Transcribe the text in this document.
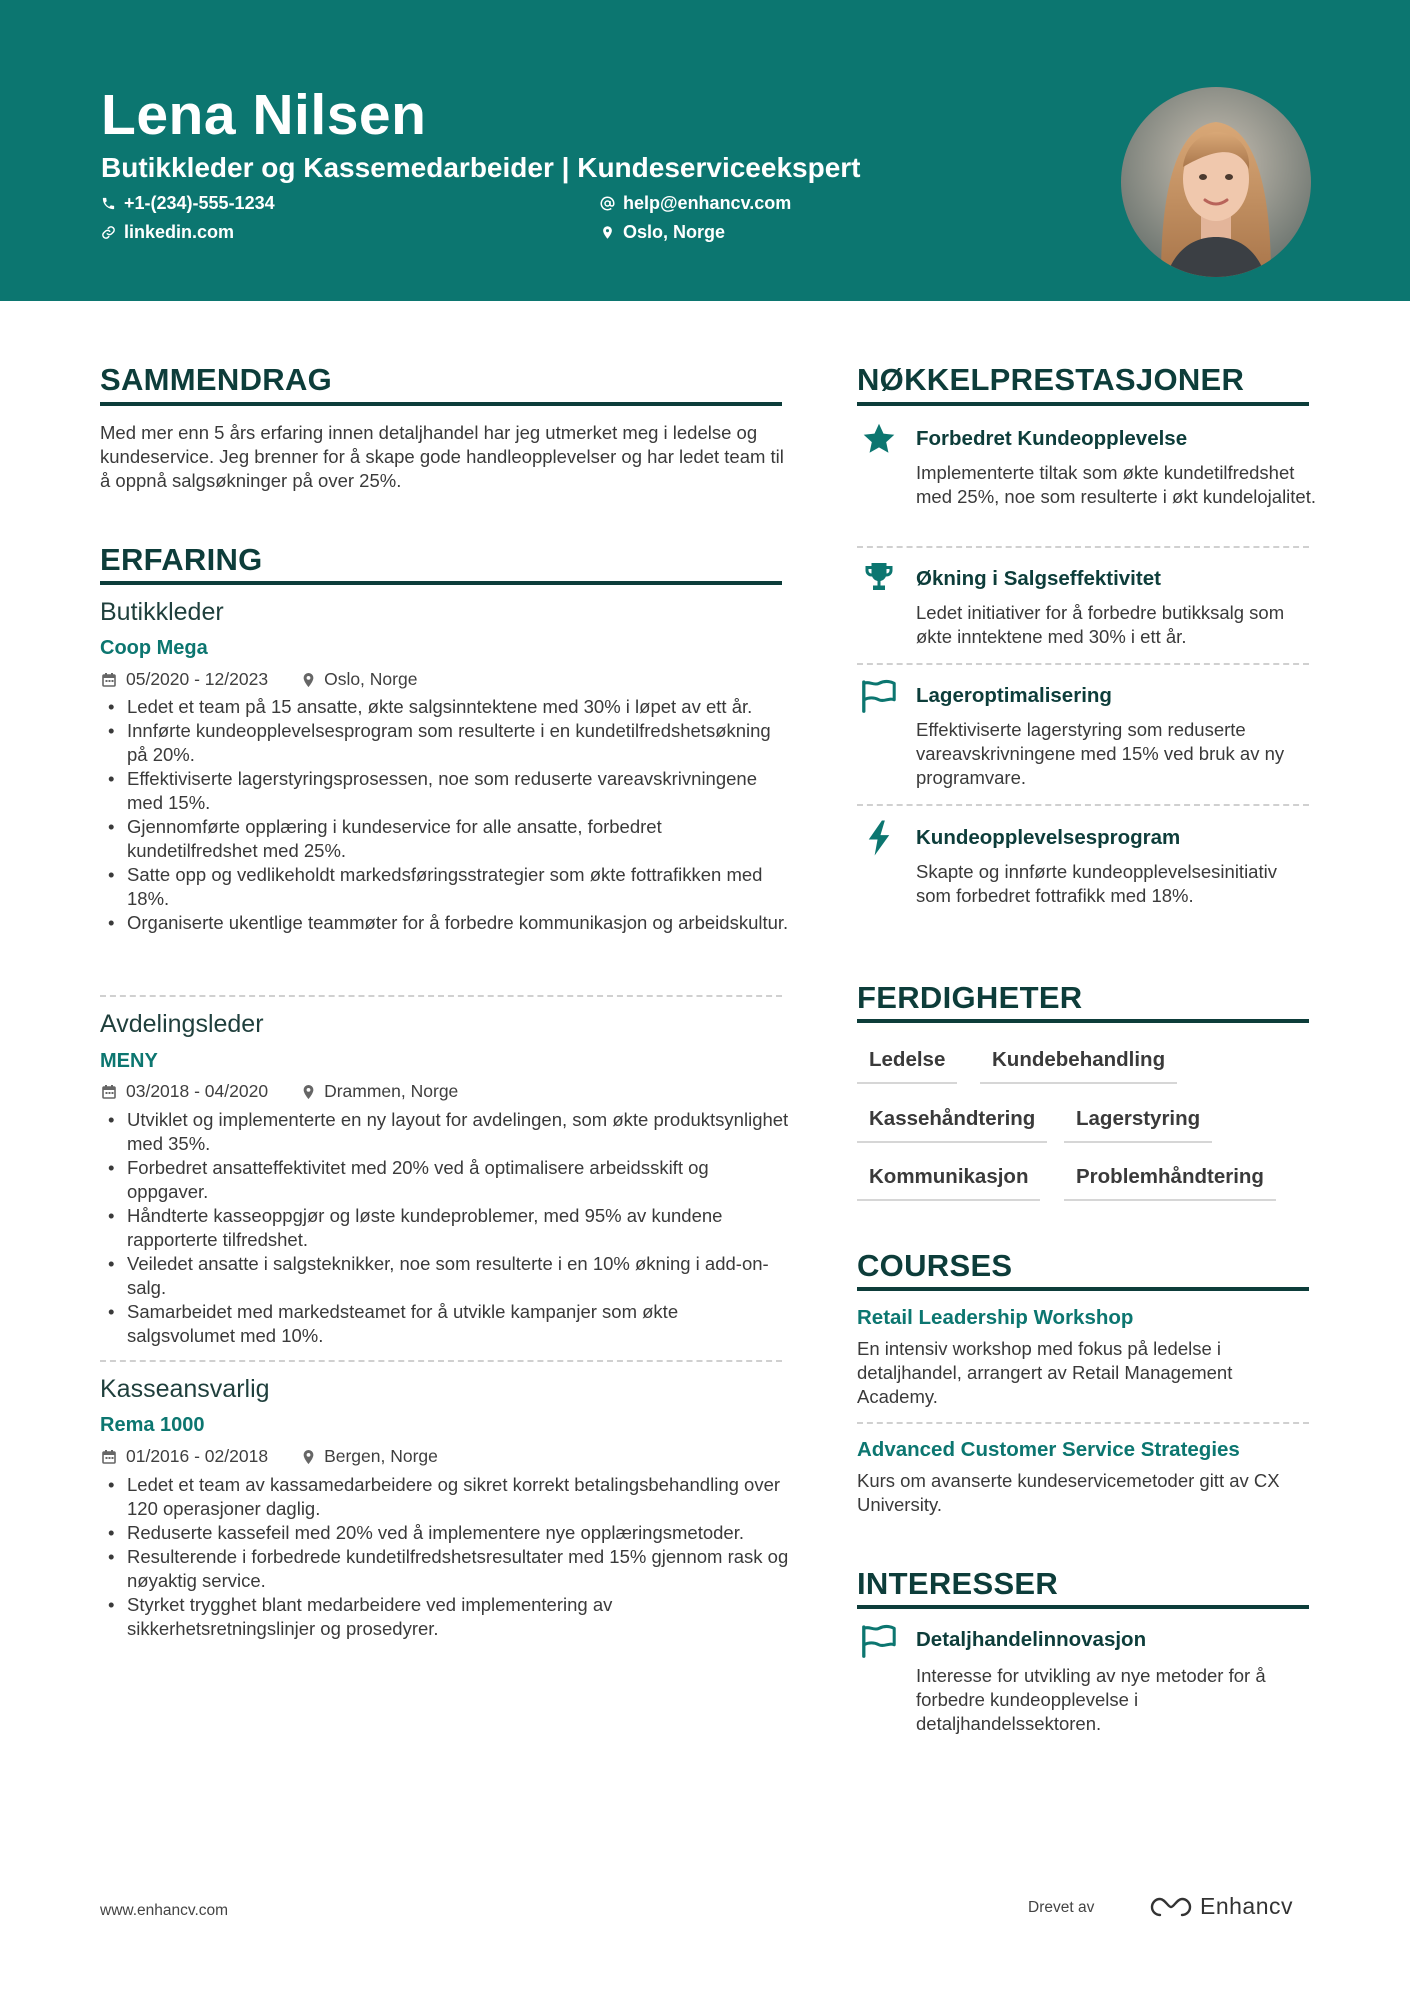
Lena Nilsen
Butikkleder og Kassemedarbeider | Kundeserviceekspert
+1-(234)-555-1234	help@enhancv.com
linkedin.com	Oslo, Norge
SAMMENDRAG
Med mer enn 5 års erfaring innen detaljhandel har jeg utmerket meg i ledelse og kundeservice. Jeg brenner for å skape gode handleopplevelser og har ledet team til å oppnå salgsøkninger på over 25%.
ERFARING
Butikkleder
Coop Mega
05/2020 - 12/2023	Oslo, Norge
• Ledet et team på 15 ansatte, økte salgsinntektene med 30% i løpet av ett år.
• Innførte kundeopplevelsesprogram som resulterte i en kundetilfredshetsøkning på 20%.
• Effektiviserte lagerstyringsprosessen, noe som reduserte vareavskrivningene med 15%.
• Gjennomførte opplæring i kundeservice for alle ansatte, forbedret kundetilfredshet med 25%.
• Satte opp og vedlikeholdt markedsføringsstrategier som økte fottrafikken med 18%.
• Organiserte ukentlige teammøter for å forbedre kommunikasjon og arbeidskultur.
Avdelingsleder
MENY
03/2018 - 04/2020	Drammen, Norge
• Utviklet og implementerte en ny layout for avdelingen, som økte produktsynlighet med 35%.
• Forbedret ansatteffektivitet med 20% ved å optimalisere arbeidsskift og oppgaver.
• Håndterte kasseoppgjør og løste kundeproblemer, med 95% av kundene rapporterte tilfredshet.
• Veiledet ansatte i salgsteknikker, noe som resulterte i en 10% økning i add-on-salg.
• Samarbeidet med markedsteamet for å utvikle kampanjer som økte salgsvolumet med 10%.
Kasseansvarlig
Rema 1000
01/2016 - 02/2018	Bergen, Norge
• Ledet et team av kassamedarbeidere og sikret korrekt betalingsbehandling over 120 operasjoner daglig.
• Reduserte kassefeil med 20% ved å implementere nye opplæringsmetoder.
• Resulterende i forbedrede kundetilfredshetsresultater med 15% gjennom rask og nøyaktig service.
• Styrket trygghet blant medarbeidere ved implementering av sikkerhetsretningslinjer og prosedyrer.
NØKKELPRESTASJONER
Forbedret Kundeopplevelse
Implementerte tiltak som økte kundetilfredshet med 25%, noe som resulterte i økt kundelojalitet.
Økning i Salgseffektivitet
Ledet initiativer for å forbedre butikksalg som økte inntektene med 30% i ett år.
Lageroptimalisering
Effektiviserte lagerstyring som reduserte vareavskrivningene med 15% ved bruk av ny programvare.
Kundeopplevelsesprogram
Skapte og innførte kundeopplevelsesinitiativ som forbedret fottrafikk med 18%.
FERDIGHETER
Ledelse	Kundebehandling
Kassehåndtering	Lagerstyring
Kommunikasjon	Problemhåndtering
COURSES
Retail Leadership Workshop
En intensiv workshop med fokus på ledelse i detaljhandel, arrangert av Retail Management Academy.
Advanced Customer Service Strategies
Kurs om avanserte kundeservicemetoder gitt av CX University.
INTERESSER
Detaljhandelinnovasjon
Interesse for utvikling av nye metoder for å forbedre kundeopplevelse i detaljhandelssektoren.
www.enhancv.com	Drevet av	Enhancv
